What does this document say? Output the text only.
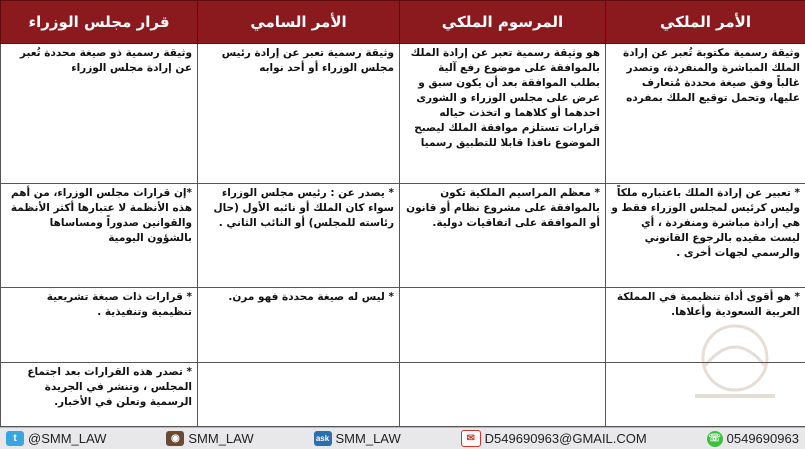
الأمر الملكي	المرسوم الملكي	الأمر السامي	قرار مجلس الوزراء
وثيقة رسمية مكتوبة تُعبر عن إرادة الملك المباشرة والمنفردة، وتصدر غالباً وفق صيغة محددة مُتعارف عليها، وتحمل توقيع الملك بمفرده	هو وثيقة رسمية تعبر عن إرادة الملك بالموافقة على موضوع رفع آلية بطلب الموافقة بعد أن يكون سبق و عرض على مجلس الوزراء و الشورى احدهما أو كلاهما و اتخذت حياله قرارات تستلزم موافقة الملك ليصبح الموضوع نافذا قابلا للتطبيق رسميا	وثيقة رسمية تعبر عن إرادة رئيس مجلس الوزراء أو أحد نوابه	وثيقة رسمية ذو صيغة محددة تُعبر عن إرادة مجلس الوزراء
* تعبير عن إرادة الملك باعتباره ملكاً وليس كرئيس لمجلس الوزراء فقط و هي إرادة مباشرة ومنفردة ، أي ليست مقيده بالرجوع القانوني والرسمي لجهات أخرى .	* معظم المراسيم الملكية تكون بالموافقة على مشروع نظام أو قانون أو الموافقة على اتفاقيات دولية.	* يصدر عن : رئيس مجلس الوزراء سواء كان الملك أو نائبه الأول (حال رئاسته للمجلس) أو النائب الثاني .	*إن قرارات مجلس الوزراء، من أهم هذه الأنظمة لا عتبارها أكثر الأنظمة والقوانين صدوراً ومساساها بالشؤون اليومية
* هو أقوى أداة تنظيمية في المملكة العربية السعودية وأعلاها.		* ليس له صيغة محددة فهو مرن.	* قرارات ذات صبغة تشريعية تنظيمية وتنفيذية .
			* تصدر هذه القرارات بعد اجتماع المجلس ، وتنشر في الجريدة الرسمية وتعلن في الأخبار.
t @SMM_LAW	◉ SMM_LAW	ask SMM_LAW	✉ D549690963@GMAIL.COM	☏ 0549690963
